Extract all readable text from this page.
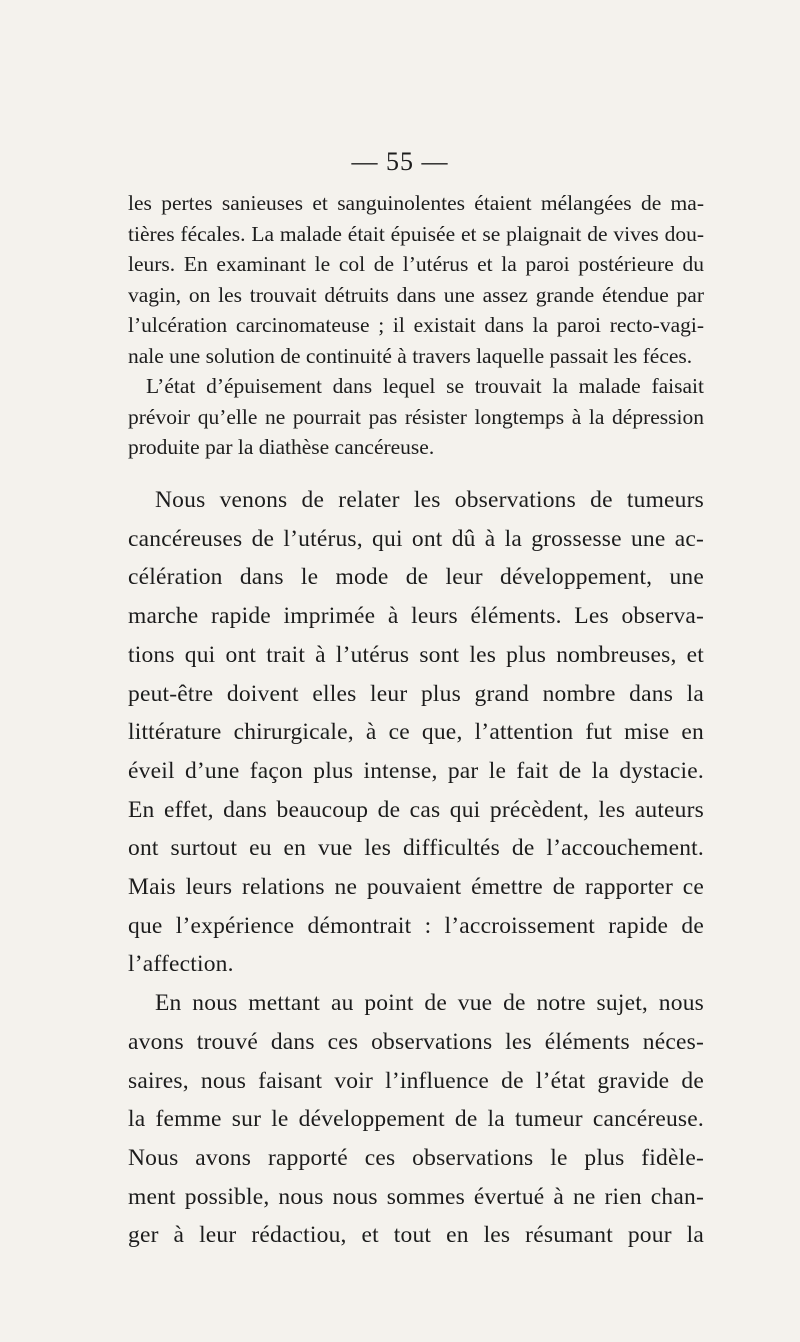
— 55 —
les pertes sanieuses et sanguinolentes étaient mélangées de ma-
tières fécales. La malade était épuisée et se plaignait de vives dou-
leurs. En examinant le col de l’utérus et la paroi postérieure du
vagin, on les trouvait détruits dans une assez grande étendue par
l’ulcération carcinomateuse ; il existait dans la paroi recto-vagi-
nale une solution de continuité à travers laquelle passait les féces.
L’état d’épuisement dans lequel se trouvait la malade faisait
prévoir qu’elle ne pourrait pas résister longtemps à la dépression
produite par la diathèse cancéreuse.
Nous venons de relater les observations de tumeurs
cancéreuses de l’utérus, qui ont dû à la grossesse une ac-
célération dans le mode de leur développement, une
marche rapide imprimée à leurs éléments. Les observa-
tions qui ont trait à l’utérus sont les plus nombreuses, et
peut-être doivent elles leur plus grand nombre dans la
littérature chirurgicale, à ce que, l’attention fut mise en
éveil d’une façon plus intense, par le fait de la dystacie.
En effet, dans beaucoup de cas qui précèdent, les auteurs
ont surtout eu en vue les difficultés de l’accouchement.
Mais leurs relations ne pouvaient émettre de rapporter ce
que l’expérience démontrait : l’accroissement rapide de
l’affection.
En nous mettant au point de vue de notre sujet, nous
avons trouvé dans ces observations les éléments néces-
saires, nous faisant voir l’influence de l’état gravide de
la femme sur le développement de la tumeur cancéreuse.
Nous avons rapporté ces observations le plus fidèle-
ment possible, nous nous sommes évertué à ne rien chan-
ger à leur rédactiou, et tout en les résumant pour la
